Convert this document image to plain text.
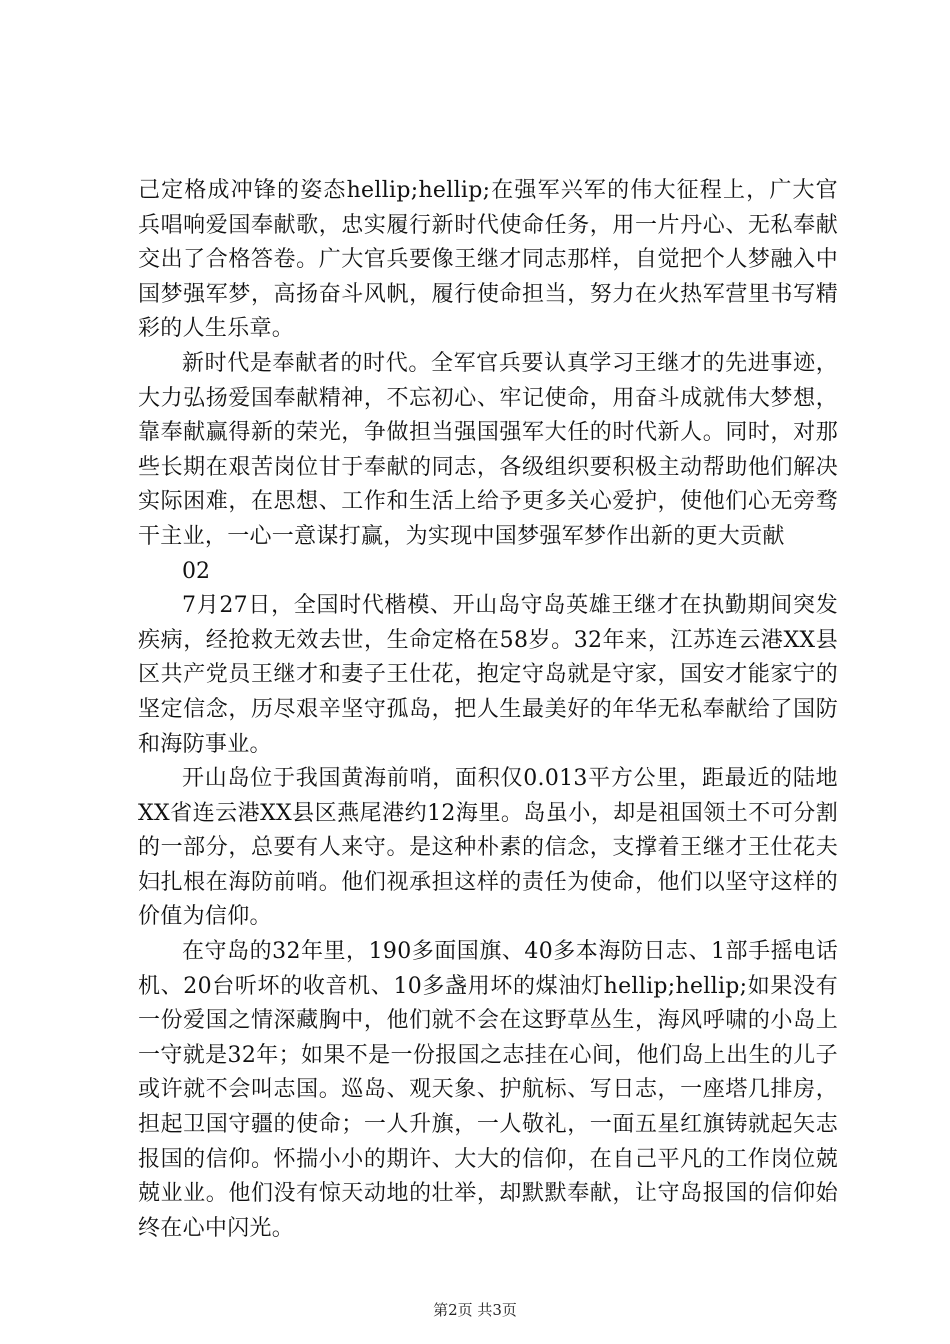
己定格成冲锋的姿态hellip;hellip;在强军兴军的伟大征程上，广大官兵唱响爱国奉献歌，忠实履行新时代使命任务，用一片丹心、无私奉献交出了合格答卷。广大官兵要像王继才同志那样，自觉把个人梦融入中国梦强军梦，高扬奋斗风帆，履行使命担当，努力在火热军营里书写精彩的人生乐章。

新时代是奉献者的时代。全军官兵要认真学习王继才的先进事迹，大力弘扬爱国奉献精神，不忘初心、牢记使命，用奋斗成就伟大梦想，靠奉献赢得新的荣光，争做担当强国强军大任的时代新人。同时，对那些长期在艰苦岗位甘于奉献的同志，各级组织要积极主动帮助他们解决实际困难，在思想、工作和生活上给予更多关心爱护，使他们心无旁骛干主业，一心一意谋打赢，为实现中国梦强军梦作出新的更大贡献

02

7月27日，全国时代楷模、开山岛守岛英雄王继才在执勤期间突发疾病，经抢救无效去世，生命定格在58岁。32年来，江苏连云港XX县区共产党员王继才和妻子王仕花，抱定守岛就是守家，国安才能家宁的坚定信念，历尽艰辛坚守孤岛，把人生最美好的年华无私奉献给了国防和海防事业。

开山岛位于我国黄海前哨，面积仅0.013平方公里，距最近的陆地XX省连云港XX县区燕尾港约12海里。岛虽小，却是祖国领土不可分割的一部分，总要有人来守。是这种朴素的信念，支撑着王继才王仕花夫妇扎根在海防前哨。他们视承担这样的责任为使命，他们以坚守这样的价值为信仰。

在守岛的32年里，190多面国旗、40多本海防日志、1部手摇电话机、20台听坏的收音机、10多盏用坏的煤油灯hellip;hellip;如果没有一份爱国之情深藏胸中，他们就不会在这野草丛生，海风呼啸的小岛上一守就是32年；如果不是一份报国之志挂在心间，他们岛上出生的儿子或许就不会叫志国。巡岛、观天象、护航标、写日志，一座塔几排房，担起卫国守疆的使命；一人升旗，一人敬礼，一面五星红旗铸就起矢志报国的信仰。怀揣小小的期许、大大的信仰，在自己平凡的工作岗位兢兢业业。他们没有惊天动地的壮举，却默默奉献，让守岛报国的信仰始终在心中闪光。

第2页 共3页
